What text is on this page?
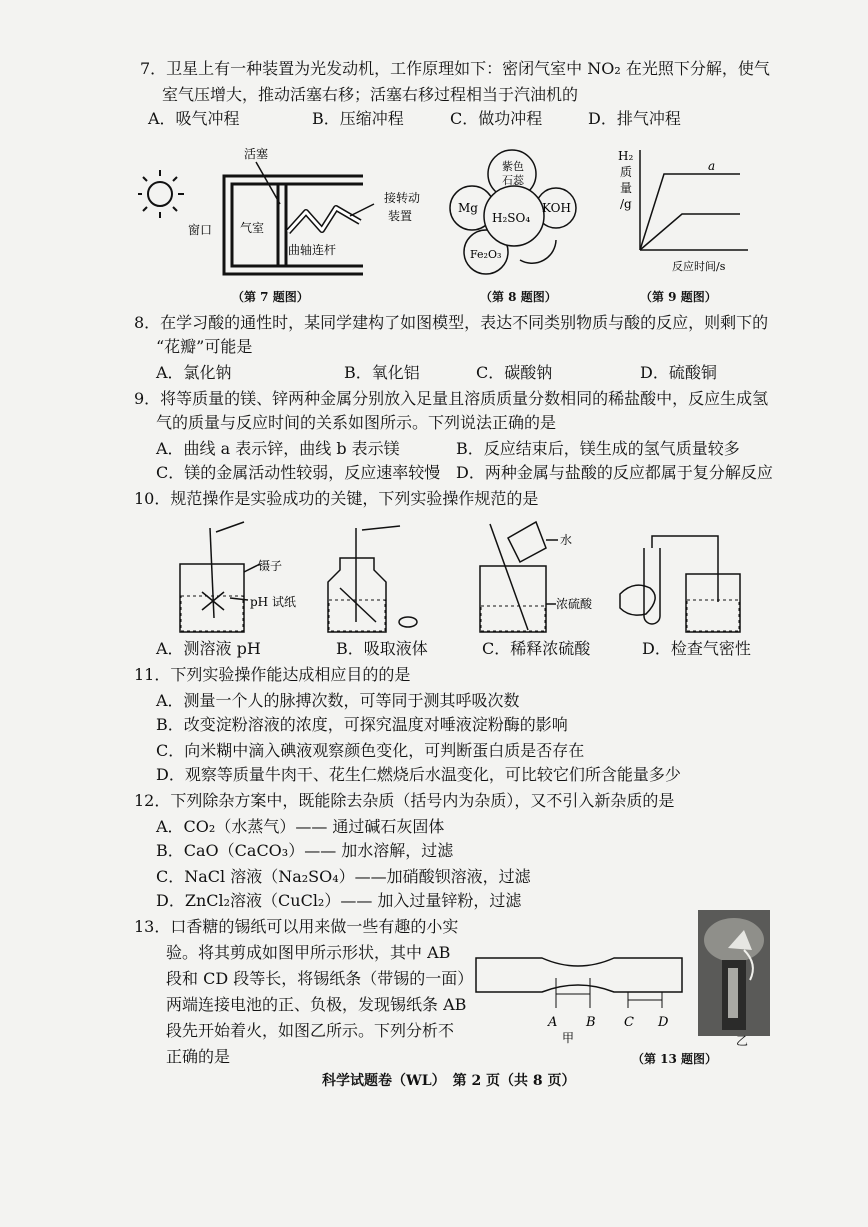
7．卫星上有一种装置为光发动机，工作原理如下：密闭气室中 NO₂ 在光照下分解，使气
室气压增大，推动活塞右移；活塞右移过程相当于汽油机的
A．吸气冲程	B．压缩冲程	C．做功冲程	D．排气冲程
活塞
窗口 气室
曲轴连杆
接转动
装置
（第 7 题图）
紫色
石蕊
Mg	KOH
Fe₂O₃
H₂SO₄
（第 8 题图）
H₂
质
量
/g
a
反应时间/s
（第 9 题图）
8．在学习酸的通性时，某同学建构了如图模型，表达不同类别物质与酸的反应，则剩下的
“花瓣”可能是
A．氯化钠	B．氧化铝	C．碳酸钠	D．硫酸铜
9．将等质量的镁、锌两种金属分别放入足量且溶质质量分数相同的稀盐酸中，反应生成氢
气的质量与反应时间的关系如图所示。下列说法正确的是
A．曲线 a 表示锌，曲线 b 表示镁	B．反应结束后，镁生成的氢气质量较多
C．镁的金属活动性较弱，反应速率较慢 D．两种金属与盐酸的反应都属于复分解反应
10．规范操作是实验成功的关键，下列实验操作规范的是
镊子
pH 试纸
水
浓硫酸
A．测溶液 pH	B．吸取液体	C．稀释浓硫酸	D．检查气密性
11．下列实验操作能达成相应目的的是
A．测量一个人的脉搏次数，可等同于测其呼吸次数
B．改变淀粉溶液的浓度，可探究温度对唾液淀粉酶的影响
C．向米糊中滴入碘液观察颜色变化，可判断蛋白质是否存在
D．观察等质量牛肉干、花生仁燃烧后水温变化，可比较它们所含能量多少
12．下列除杂方案中，既能除去杂质（括号内为杂质），又不引入新杂质的是
A．CO₂（水蒸气）—— 通过碱石灰固体
B．CaO（CaCO₃）—— 加水溶解，过滤
C．NaCl 溶液（Na₂SO₄）——加硝酸钡溶液，过滤
D．ZnCl₂溶液（CuCl₂）—— 加入过量锌粉，过滤
13．口香糖的锡纸可以用来做一些有趣的小实
验。将其剪成如图甲所示形状，其中 AB
段和 CD 段等长，将锡纸条（带锡的一面）
两端连接电池的正、负极，发现锡纸条 AB
段先开始着火，如图乙所示。下列分析不
正确的是
A B C D
甲	乙
（第 13 题图）
科学试题卷（WL）　第 2 页（共 8 页）
